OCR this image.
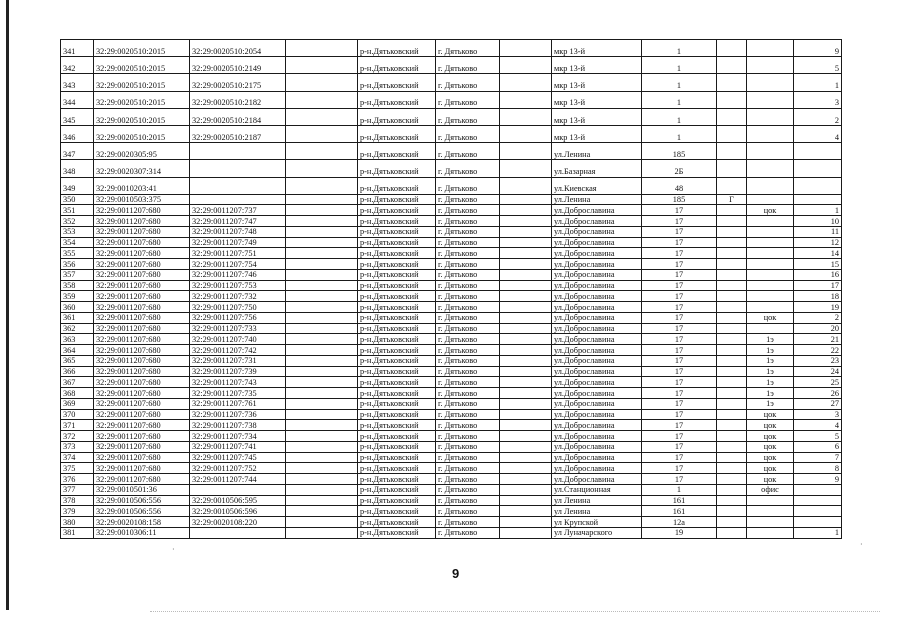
341	32:29:0020510:2015	32:29:0020510:2054		р-н.Дятьковский	г. Дятьково		мкр 13-й	1			9
342	32:29:0020510:2015	32:29:0020510:2149		р-н.Дятьковский	г. Дятьково		мкр 13-й	1			5
343	32:29:0020510:2015	32:29:0020510:2175		р-н.Дятьковский	г. Дятьково		мкр 13-й	1			1
344	32:29:0020510:2015	32:29:0020510:2182		р-н.Дятьковский	г. Дятьково		мкр 13-й	1			3
345	32:29:0020510:2015	32:29:0020510:2184		р-н.Дятьковский	г. Дятьково		мкр 13-й	1			2
346	32:29:0020510:2015	32:29:0020510:2187		р-н.Дятьковский	г. Дятьково		мкр 13-й	1			4
347	32:29:0020305:95			р-н.Дятьковский	г. Дятьково		ул.Ленина	185			
348	32:29:0020307:314			р-н.Дятьковский	г. Дятьково		ул.Базарная	2Б			
349	32:29:0010203:41			р-н.Дятьковский	г. Дятьково		ул.Киевская	48			
350	32:29:0010503:375			р-н.Дятьковский	г. Дятьково		ул.Ленина	185	Г		
351	32:29:0011207:680	32:29:0011207:737		р-н.Дятьковский	г. Дятьково		ул.Доброславина	17		цок	1
352	32:29:0011207:680	32:29:0011207:747		р-н.Дятьковский	г. Дятьково		ул.Доброславина	17			10
353	32:29:0011207:680	32:29:0011207:748		р-н.Дятьковский	г. Дятьково		ул.Доброславина	17			11
354	32:29:0011207:680	32:29:0011207:749		р-н.Дятьковский	г. Дятьково		ул.Доброславина	17			12
355	32:29:0011207:680	32:29:0011207:751		р-н.Дятьковский	г. Дятьково		ул.Доброславина	17			14
356	32:29:0011207:680	32:29:0011207:754		р-н.Дятьковский	г. Дятьково		ул.Доброславина	17			15
357	32:29:0011207:680	32:29:0011207:746		р-н.Дятьковский	г. Дятьково		ул.Доброславина	17			16
358	32:29:0011207:680	32:29:0011207:753		р-н.Дятьковский	г. Дятьково		ул.Доброславина	17			17
359	32:29:0011207:680	32:29:0011207:732		р-н.Дятьковский	г. Дятьково		ул.Доброславина	17			18
360	32:29:0011207:680	32:29:0011207:750		р-н.Дятьковский	г. Дятьково		ул.Доброславина	17			19
361	32:29:0011207:680	32:29:0011207:756		р-н.Дятьковский	г. Дятьково		ул.Доброславина	17		цок	2
362	32:29:0011207:680	32:29:0011207:733		р-н.Дятьковский	г. Дятьково		ул.Доброславина	17			20
363	32:29:0011207:680	32:29:0011207:740		р-н.Дятьковский	г. Дятьково		ул.Доброславина	17		1э	21
364	32:29:0011207:680	32:29:0011207:742		р-н.Дятьковский	г. Дятьково		ул.Доброславина	17		1э	22
365	32:29:0011207:680	32:29:0011207:731		р-н.Дятьковский	г. Дятьково		ул.Доброславина	17		1э	23
366	32:29:0011207:680	32:29:0011207:739		р-н.Дятьковский	г. Дятьково		ул.Доброславина	17		1э	24
367	32:29:0011207:680	32:29:0011207:743		р-н.Дятьковский	г. Дятьково		ул.Доброславина	17		1э	25
368	32:29:0011207:680	32:29:0011207:735		р-н.Дятьковский	г. Дятьково		ул.Доброславина	17		1э	26
369	32:29:0011207:680	32:29:0011207:761		р-н.Дятьковский	г. Дятьково		ул.Доброславина	17		1э	27
370	32:29:0011207:680	32:29:0011207:736		р-н.Дятьковский	г. Дятьково		ул.Доброславина	17		цок	3
371	32:29:0011207:680	32:29:0011207:738		р-н.Дятьковский	г. Дятьково		ул.Доброславина	17		цок	4
372	32:29:0011207:680	32:29:0011207:734		р-н.Дятьковский	г. Дятьково		ул.Доброславина	17		цок	5
373	32:29:0011207:680	32:29:0011207:741		р-н.Дятьковский	г. Дятьково		ул.Доброславина	17		цок	6
374	32:29:0011207:680	32:29:0011207:745		р-н.Дятьковский	г. Дятьково		ул.Доброславина	17		цок	7
375	32:29:0011207:680	32:29:0011207:752		р-н.Дятьковский	г. Дятьково		ул.Доброславина	17		цок	8
376	32:29:0011207:680	32:29:0011207:744		р-н.Дятьковский	г. Дятьково		ул.Доброславина	17		цок	9
377	32:29:0010501:36			р-н.Дятьковский	г. Дятьково		ул.Станционная	1		офис	
378	32:29:0010506:556	32:29:0010506:595		р-н.Дятьковский	г. Дятьково		ул Ленина	161			
379	32:29:0010506:556	32:29:0010506:596		р-н.Дятьковский	г. Дятьково		ул Ленина	161			
380	32:29:0020108:158	32:29:0020108:220		р-н.Дятьковский	г. Дятьково		ул Крупской	12а			
381	32:29:0010306:11			р-н.Дятьковский	г. Дятьково		ул Луначарского	19			1
·
·
9
